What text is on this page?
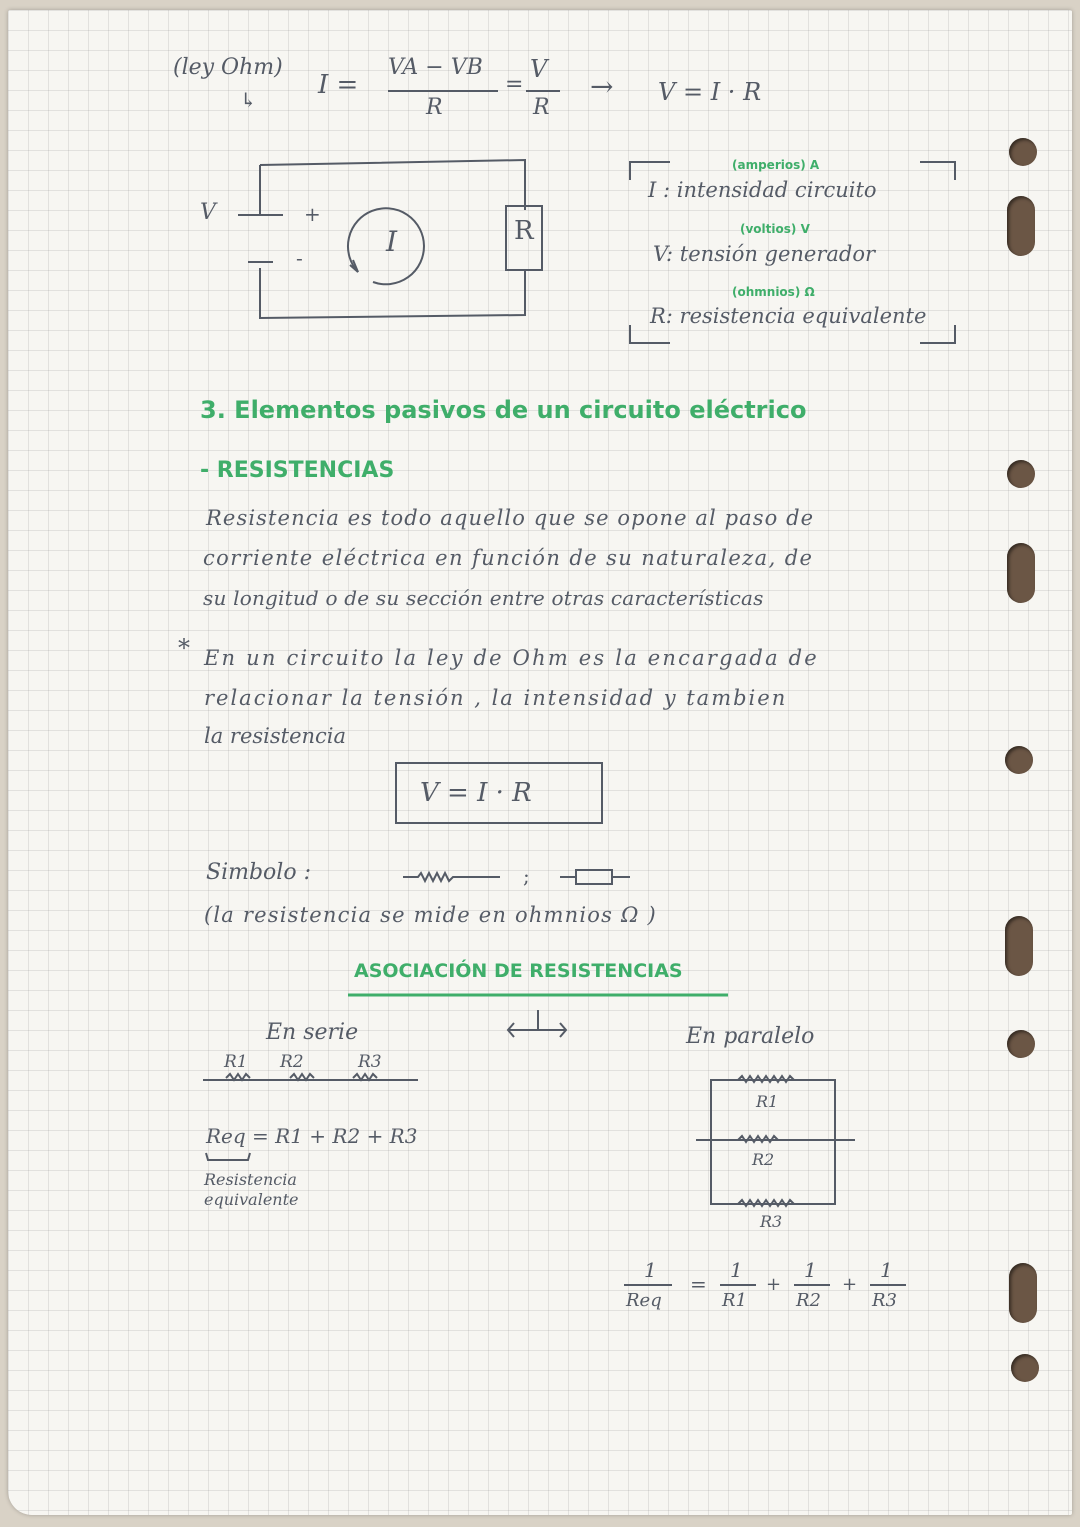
(ley Ohm)
↳ I =
VA − VB
R
=
V
R
→ V = I · R
V	+
-	I	R
(amperios) A
I : intensidad circuito
(voltios) V
V: tensión generador
(ohmnios) Ω
R: resistencia equivalente
3. Elementos pasivos de un circuito eléctrico
- RESISTENCIAS
Resistencia es todo aquello que se opone al paso de
corriente eléctrica en función de su naturaleza, de
su longitud o de su sección entre otras características
* En un circuito la ley de Ohm es la encargada de
relacionar la tensión , la intensidad y tambien
la resistencia
V = I · R
Simbolo :	;
(la resistencia se mide en ohmnios Ω )
ASOCIACIÓN DE RESISTENCIAS
En serie
R1 R2	R3
Req = R1 + R2 + R3
Resistencia
equivalente
En paralelo
R1
R2
R3
1
Req
=
1
R1
+
1
R2
+
1
R3
